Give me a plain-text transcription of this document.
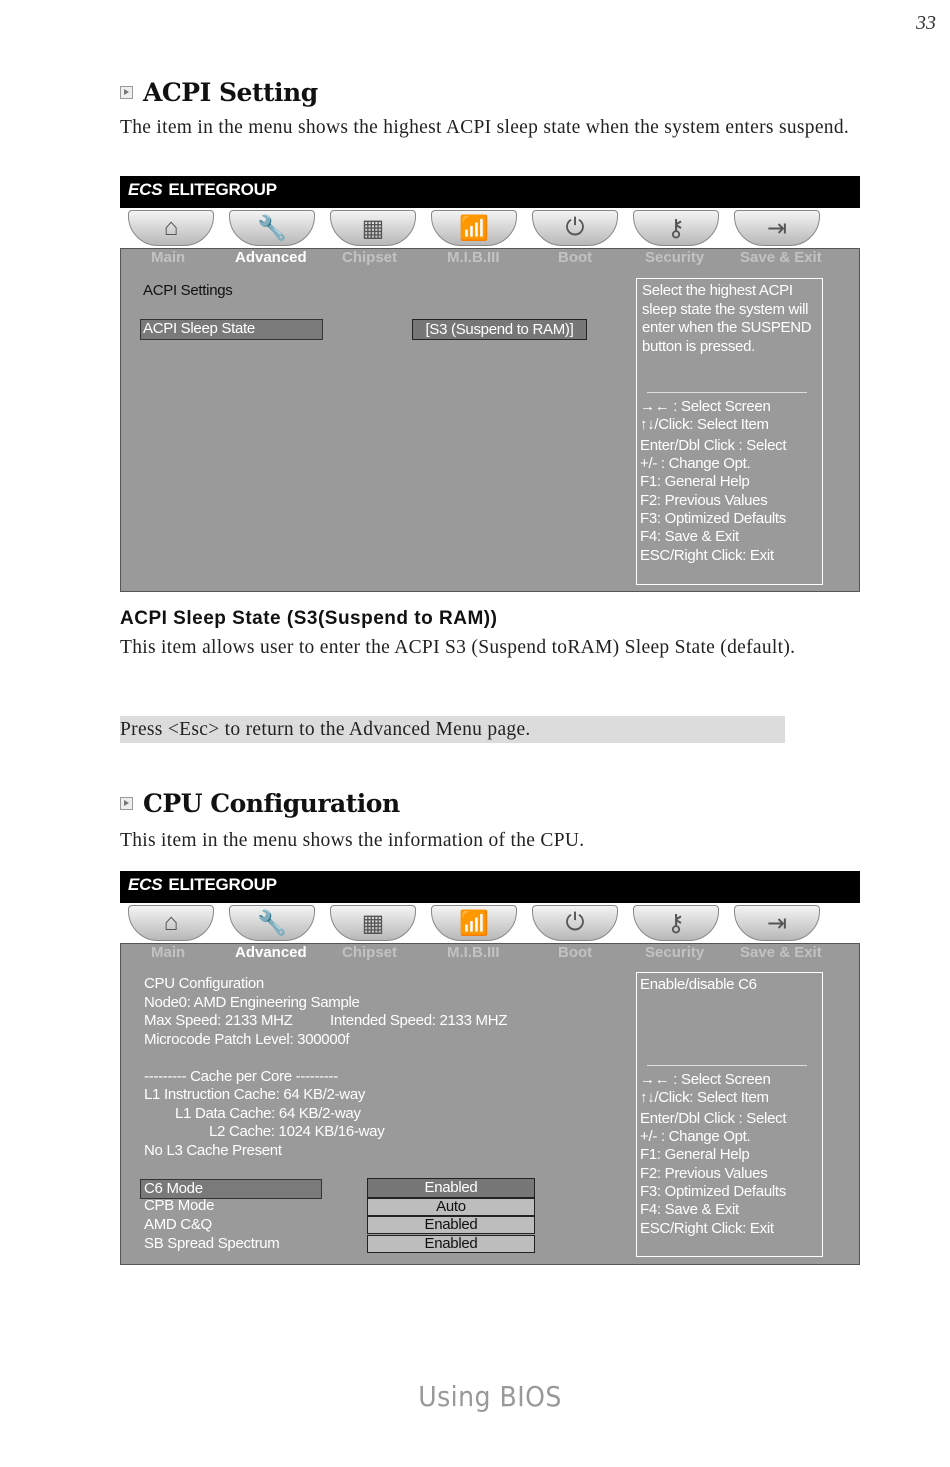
33
ACPI Setting
The item in the menu shows the highest ACPI sleep state when the system enters suspend.
ECS ELITEGROUP
⌂	🔧	▦	📶	⏻	⚷	⇥
Main	Advanced Chipset	M.I.B.III	Boot	Security Save & Exit
ACPI Settings
ACPI Sleep State	[S3 (Suspend to RAM)]
Select the highest ACPI
sleep state the system will
enter when the SUSPEND
button is pressed.
→← : Select Screen
↑↓/Click: Select Item
Enter/Dbl Click : Select
+/- : Change Opt.
F1: General Help
F2: Previous Values
F3: Optimized Defaults
F4: Save & Exit
ESC/Right Click: Exit
ACPI Sleep State (S3(Suspend to RAM))
This item allows user to enter the ACPI S3 (Suspend toRAM) Sleep State (default).
Press <Esc> to return to the Advanced Menu page.
CPU Configuration
This item in the menu shows the information of the CPU.
ECS ELITEGROUP
⌂	🔧	▦	📶	⏻	⚷	⇥
Main	Advanced Chipset	M.I.B.III	Boot	Security Save & Exit
CPU Configuration
Node0: AMD Engineering Sample
Max Speed: 2133 MHZ Intended Speed: 2133 MHZ
Microcode Patch Level: 300000f
--------- Cache per Core ---------
L1 Instruction Cache: 64 KB/2-way
L1 Data Cache: 64 KB/2-way
L2 Cache: 1024 KB/16-way
No L3 Cache Present
C6 Mode	Enabled
CPB Mode	Auto
AMD C&Q	Enabled
SB Spread Spectrum	Enabled
Enable/disable C6
→← : Select Screen
↑↓/Click: Select Item
Enter/Dbl Click : Select
+/- : Change Opt.
F1: General Help
F2: Previous Values
F3: Optimized Defaults
F4: Save & Exit
ESC/Right Click: Exit
Using BIOS
